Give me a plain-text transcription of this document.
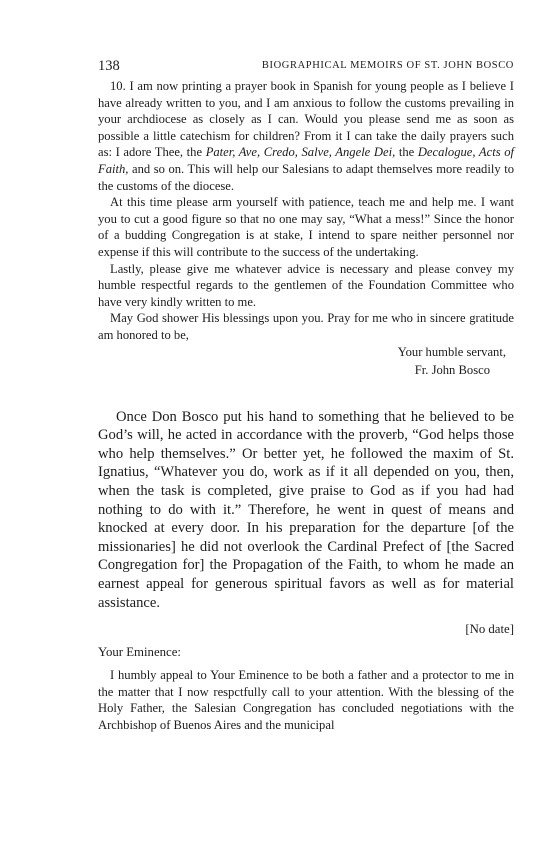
138	BIOGRAPHICAL MEMOIRS OF ST. JOHN BOSCO

10. I am now printing a prayer book in Spanish for young people as I believe I have already written to you, and I am anxious to follow the customs prevailing in your archdiocese as closely as I can. Would you please send me as soon as possible a little catechism for children? From it I can take the daily prayers such as: I adore Thee, the Pater, Ave, Credo, Salve, Angele Dei, the Decalogue, Acts of Faith, and so on. This will help our Salesians to adapt themselves more readily to the customs of the diocese.

At this time please arm yourself with patience, teach me and help me. I want you to cut a good figure so that no one may say, “What a mess!” Since the honor of a budding Congregation is at stake, I intend to spare neither personnel nor expense if this will contribute to the success of the undertaking.

Lastly, please give me whatever advice is necessary and please convey my humble respectful regards to the gentlemen of the Foundation Committee who have very kindly written to me.

May God shower His blessings upon you. Pray for me who in sincere gratitude am honored to be,

Your humble servant,
Fr. John Bosco

Once Don Bosco put his hand to something that he believed to be God’s will, he acted in accordance with the proverb, “God helps those who help themselves.” Or better yet, he followed the maxim of St. Ignatius, “Whatever you do, work as if it all depended on you, then, when the task is completed, give praise to God as if you had had nothing to do with it.” Therefore, he went in quest of means and knocked at every door. In his preparation for the departure [of the missionaries] he did not overlook the Cardinal Prefect of [the Sacred Congregation for] the Propagation of the Faith, to whom he made an earnest appeal for generous spiritual favors as well as for material assistance.

[No date]
Your Eminence:

I humbly appeal to Your Eminence to be both a father and a protector to me in the matter that I now respctfully call to your attention. With the blessing of the Holy Father, the Salesian Congregation has concluded negotiations with the Archbishop of Buenos Aires and the municipal
